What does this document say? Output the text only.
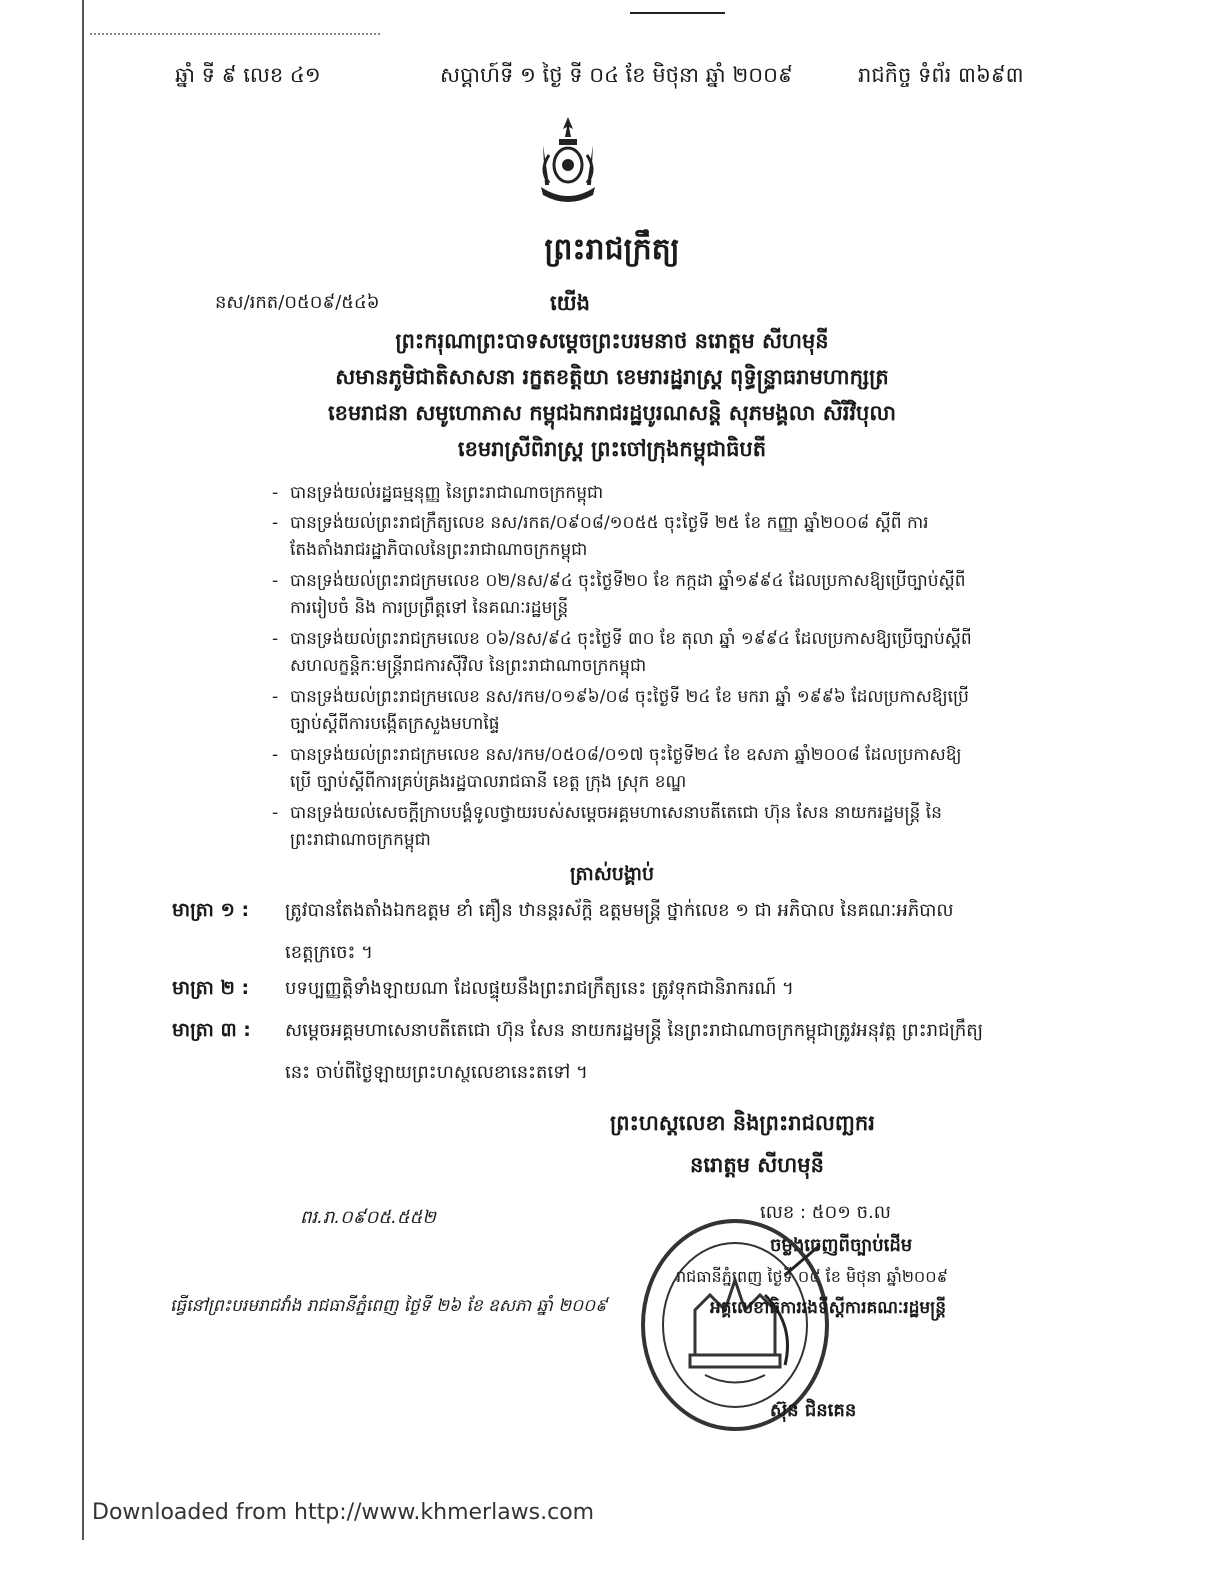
ឆ្នាំ ទី ៩ លេខ ៤១	សប្ដាហ៍ទី ១ ថ្ងៃ ទី ០៤ ខែ មិថុនា ឆ្នាំ ២០០៩	រាជកិច្ច ទំព័រ ៣៦៩៣
ព្រះរាជក្រឹត្យ
នស/រកត/០៥០៩/៥៤៦	យើង
ព្រះករុណាព្រះបាទសម្ដេចព្រះបរមនាថ នរោត្ដម សីហមុនី
សមានភូមិជាតិសាសនា រក្ខតខត្តិយា ខេមរារដ្ឋរាស្ត្រ ពុទ្ធិន្ទ្រាធរាមហាក្សត្រ
ខេមរាជនា សមូហោភាស កម្ពុជឯករាជរដ្ឋបូរណសន្តិ សុភមង្គលា សិរីវិបុលា
ខេមរាស្រីពិរាស្ត្រ ព្រះចៅក្រុងកម្ពុជាធិបតី
- បានទ្រង់យល់រដ្ឋធម្មនុញ្ញ នៃព្រះរាជាណាចក្រកម្ពុជា
- បានទ្រង់យល់ព្រះរាជក្រឹត្យលេខ នស/រកត/០៩០៨/១០៥៥ ចុះថ្ងៃទី ២៥ ខែ កញ្ញា ឆ្នាំ២០០៨ ស្ដីពី ការតែងតាំងរាជរដ្ឋាភិបាលនៃព្រះរាជាណាចក្រកម្ពុជា
- បានទ្រង់យល់ព្រះរាជក្រមលេខ ០២/នស/៩៤ ចុះថ្ងៃទី២០ ខែ កក្កដា ឆ្នាំ១៩៩៤ ដែលប្រកាសឱ្យប្រើច្បាប់ស្ដីពី ការរៀបចំ និង ការប្រព្រឹត្តទៅ នៃគណៈរដ្ឋមន្ត្រី
- បានទ្រង់យល់ព្រះរាជក្រមលេខ ០៦/នស/៩៤ ចុះថ្ងៃទី ៣០ ខែ តុលា ឆ្នាំ ១៩៩៤ ដែលប្រកាសឱ្យប្រើច្បាប់ស្ដីពី សហលក្ខន្តិកៈមន្ត្រីរាជការស៊ីវិល នៃព្រះរាជាណាចក្រកម្ពុជា
- បានទ្រង់យល់ព្រះរាជក្រមលេខ នស/រកម/០១៩៦/០៨ ចុះថ្ងៃទី ២៤ ខែ មករា ឆ្នាំ ១៩៩៦ ដែលប្រកាសឱ្យប្រើ ច្បាប់ស្ដីពីការបង្កើតក្រសួងមហាផ្ទៃ
- បានទ្រង់យល់ព្រះរាជក្រមលេខ នស/រកម/០៥០៨/០១៧ ចុះថ្ងៃទី២៤ ខែ ឧសភា ឆ្នាំ២០០៨ ដែលប្រកាសឱ្យប្រើ ច្បាប់ស្ដីពីការគ្រប់គ្រងរដ្ឋបាលរាជធានី ខេត្ត ក្រុង ស្រុក ខណ្ឌ
- បានទ្រង់យល់សេចក្ដីក្រាបបង្គំទូលថ្វាយរបស់សម្ដេចអគ្គមហាសេនាបតីតេជោ ហ៊ុន សែន នាយករដ្ឋមន្ត្រី នៃព្រះរាជាណាចក្រកម្ពុជា
ត្រាស់បង្គាប់
មាត្រា ១ : ត្រូវបានតែងតាំងឯកឧត្ដម ខាំ គឿន ឋានន្តរស័ក្តិ ឧត្ដមមន្ត្រី ថ្នាក់លេខ ១ ជា អភិបាល នៃគណៈអភិបាល ខេត្តក្រចេះ ។
មាត្រា ២ : បទប្បញ្ញត្តិទាំងឡាយណា ដែលផ្ទុយនឹងព្រះរាជក្រឹត្យនេះ ត្រូវទុកជានិរាករណ៍ ។
មាត្រា ៣ : សម្ដេចអគ្គមហាសេនាបតីតេជោ ហ៊ុន សែន នាយករដ្ឋមន្ត្រី នៃព្រះរាជាណាចក្រកម្ពុជាត្រូវអនុវត្ត ព្រះរាជក្រឹត្យនេះ ចាប់ពីថ្ងៃឡាយព្រះហស្ថលេខានេះតទៅ ។
ព្រះហស្តលេខា និងព្រះរាជលញ្ឆករ
នរោត្ដម សីហមុនី
ពរ.រា.០៩០៥.៥៥២	លេខ : ៥០១ ច.ល
ចម្លងចេញពីច្បាប់ដើម
រាជធានីភ្នំពេញ ថ្ងៃទី ០៨ ខែ មិថុនា ឆ្នាំ២០០៩
ធ្វើនៅព្រះបរមរាជវាំង រាជធានីភ្នំពេញ ថ្ងៃទី ២៦ ខែ ឧសភា ឆ្នាំ ២០០៩	អគ្គលេខាធិការរងទីស្ដីការគណៈរដ្ឋមន្ត្រី
ស៊ុន ជិនគេន
Downloaded from http://www.khmerlaws.com
